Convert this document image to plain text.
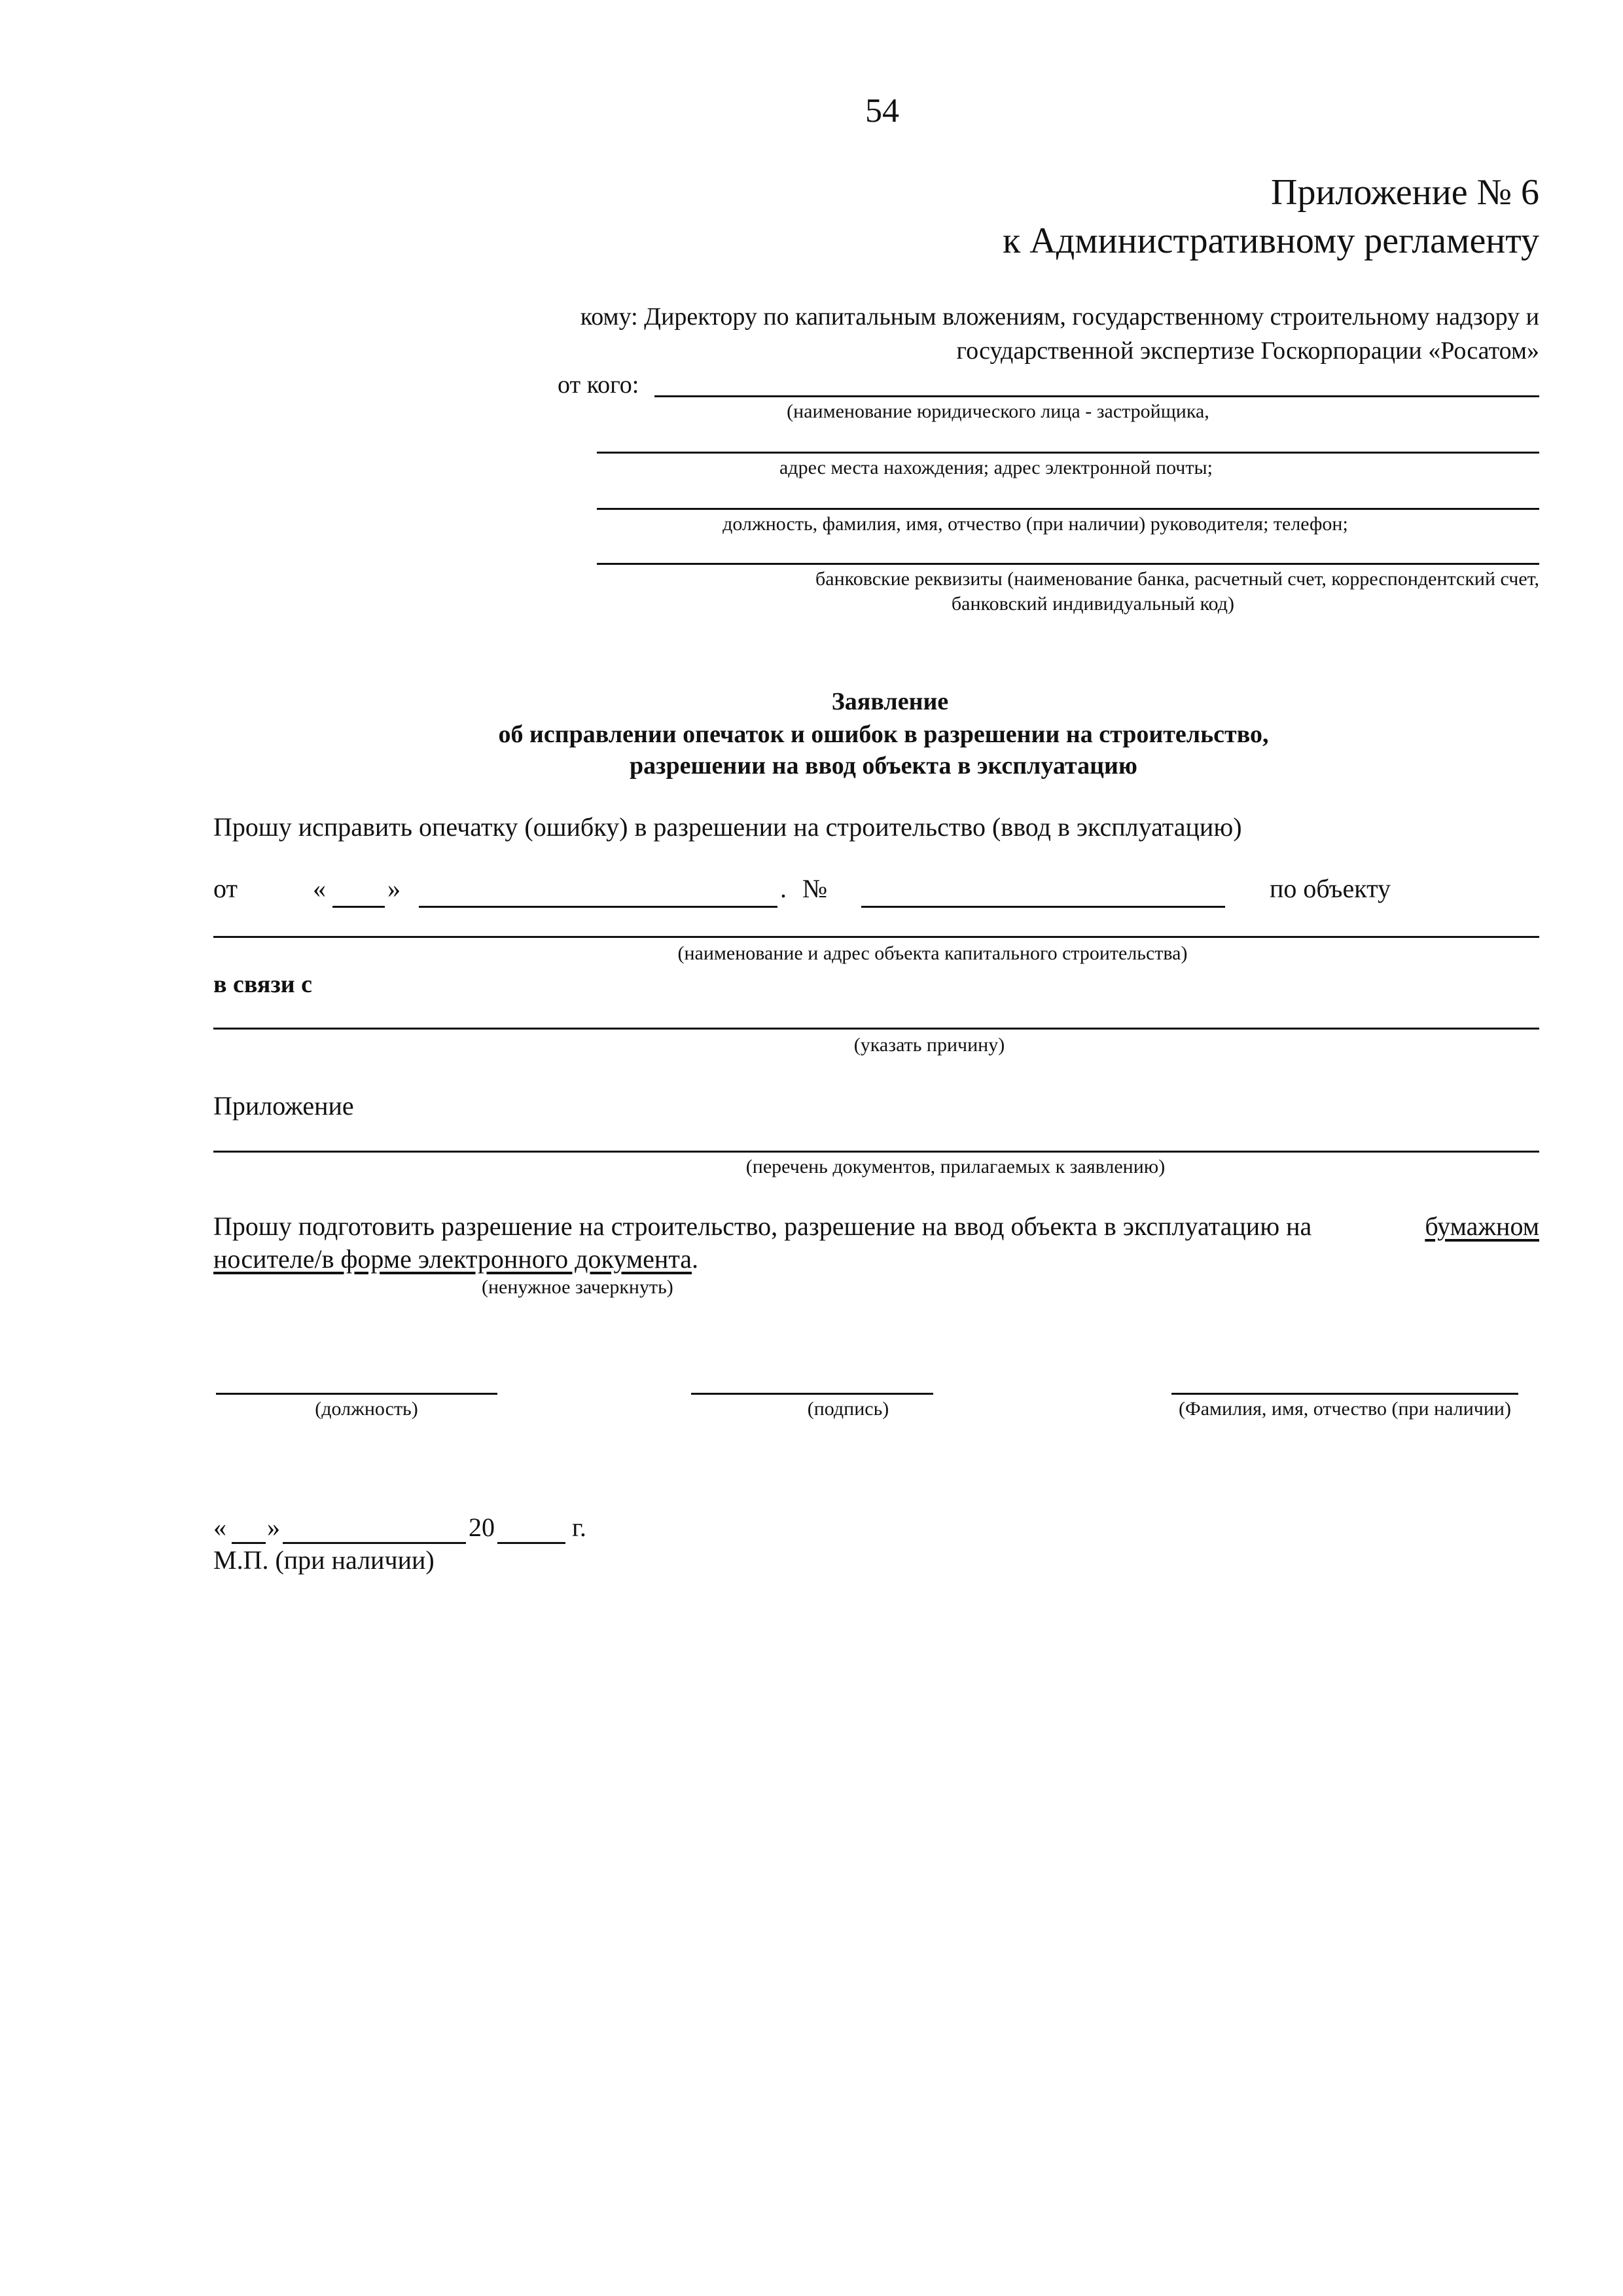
54
Приложение № 6
к Административному регламенту
кому: Директору по капитальным вложениям, государственному строительному надзору и
государственной экспертизе Госкорпорации «Росатом»
от кого:
(наименование юридического лица - застройщика,
адрес места нахождения; адрес электронной почты;
должность, фамилия, имя, отчество (при наличии) руководителя; телефон;
банковские реквизиты (наименование банка, расчетный счет, корреспондентский счет,
банковский индивидуальный код)
Заявление
об исправлении опечаток и ошибок в разрешении на строительство,
разрешении на ввод объекта в эксплуатацию
Прошу исправить опечатку (ошибку) в разрешении на строительство (ввод в эксплуатацию)
от	« »	. №	по объекту
(наименование и адрес объекта капитального строительства)
в связи с
(указать причину)
Приложение
(перечень документов, прилагаемых к заявлению)
Прошу подготовить разрешение на строительство, разрешение на ввод объекта в эксплуатацию на	бумажном
носителе/в форме электронного документа.
(ненужное зачеркнуть)
(должность)	(подпись)	(Фамилия, имя, отчество (при наличии)
« »	20	г.
М.П. (при наличии)
